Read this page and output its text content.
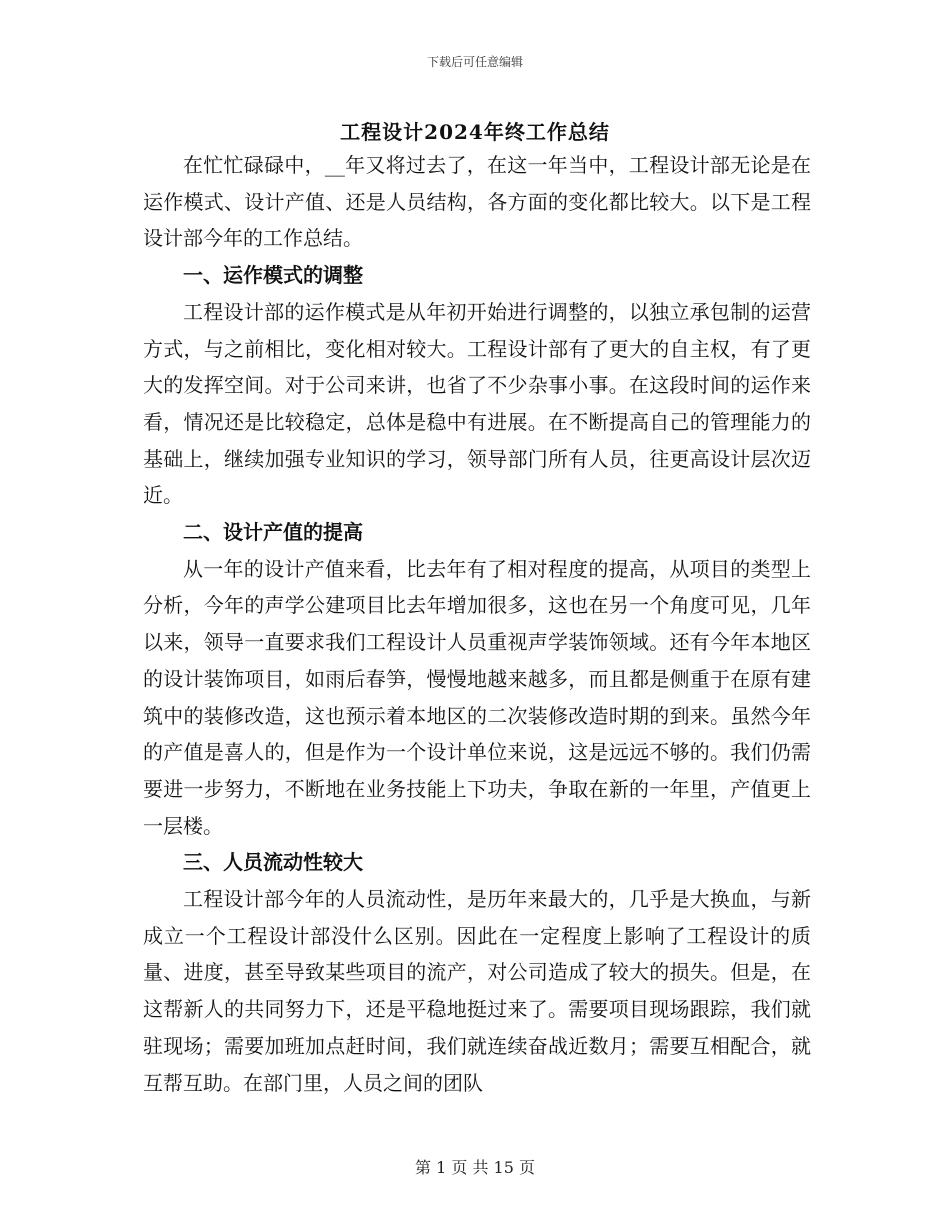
下载后可任意编辑
工程设计2024年终工作总结

在忙忙碌碌中，__年又将过去了，在这一年当中，工程设计部无论是在运作模式、设计产值、还是人员结构，各方面的变化都比较大。以下是工程设计部今年的工作总结。

一、运作模式的调整

工程设计部的运作模式是从年初开始进行调整的，以独立承包制的运营方式，与之前相比，变化相对较大。工程设计部有了更大的自主权，有了更大的发挥空间。对于公司来讲，也省了不少杂事小事。在这段时间的运作来看，情况还是比较稳定，总体是稳中有进展。在不断提高自己的管理能力的基础上，继续加强专业知识的学习，领导部门所有人员，往更高设计层次迈近。

二、设计产值的提高

从一年的设计产值来看，比去年有了相对程度的提高，从项目的类型上分析，今年的声学公建项目比去年增加很多，这也在另一个角度可见，几年以来，领导一直要求我们工程设计人员重视声学装饰领域。还有今年本地区的设计装饰项目，如雨后春笋，慢慢地越来越多，而且都是侧重于在原有建筑中的装修改造，这也预示着本地区的二次装修改造时期的到来。虽然今年的产值是喜人的，但是作为一个设计单位来说，这是远远不够的。我们仍需要进一步努力，不断地在业务技能上下功夫，争取在新的一年里，产值更上一层楼。

三、人员流动性较大

工程设计部今年的人员流动性，是历年来最大的，几乎是大换血，与新成立一个工程设计部没什么区别。因此在一定程度上影响了工程设计的质量、进度，甚至导致某些项目的流产，对公司造成了较大的损失。但是，在这帮新人的共同努力下，还是平稳地挺过来了。需要项目现场跟踪，我们就驻现场；需要加班加点赶时间，我们就连续奋战近数月；需要互相配合，就互帮互助。在部门里，人员之间的团队

第 1 页 共 15 页
